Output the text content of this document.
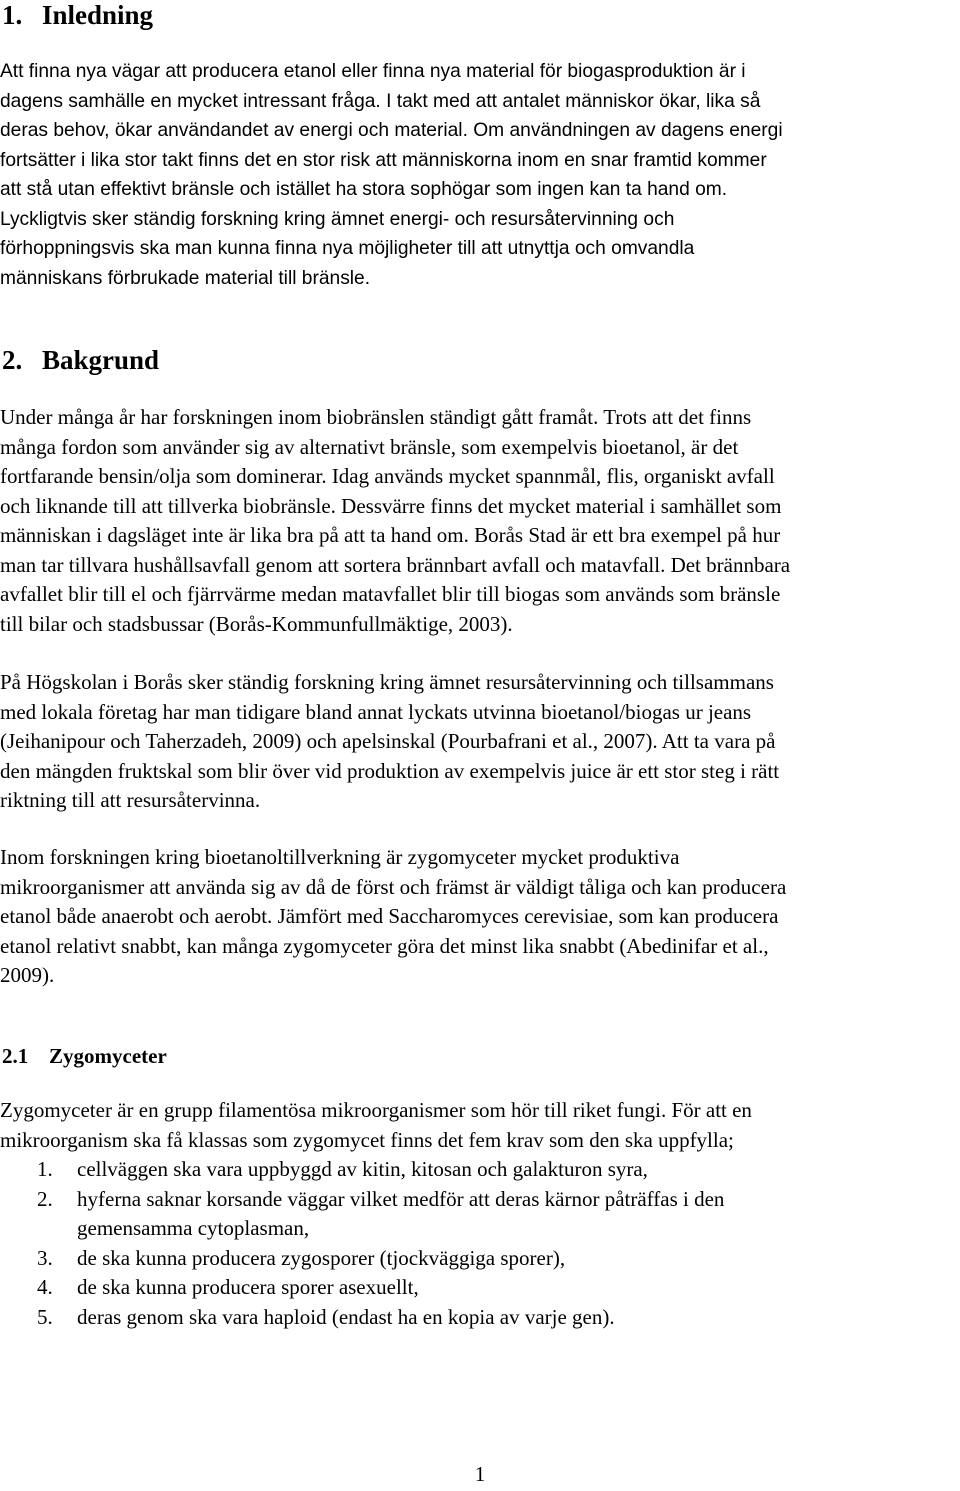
1. Inledning
Att finna nya vägar att producera etanol eller finna nya material för biogasproduktion är i
dagens samhälle en mycket intressant fråga. I takt med att antalet människor ökar, lika så
deras behov, ökar användandet av energi och material. Om användningen av dagens energi
fortsätter i lika stor takt finns det en stor risk att människorna inom en snar framtid kommer
att stå utan effektivt bränsle och istället ha stora sophögar som ingen kan ta hand om.
Lyckligtvis sker ständig forskning kring ämnet energi- och resursåtervinning och
förhoppningsvis ska man kunna finna nya möjligheter till att utnyttja och omvandla
människans förbrukade material till bränsle.
2. Bakgrund
Under många år har forskningen inom biobränslen ständigt gått framåt. Trots att det finns
många fordon som använder sig av alternativt bränsle, som exempelvis bioetanol, är det
fortfarande bensin/olja som dominerar. Idag används mycket spannmål, flis, organiskt avfall
och liknande till att tillverka biobränsle. Dessvärre finns det mycket material i samhället som
människan i dagsläget inte är lika bra på att ta hand om. Borås Stad är ett bra exempel på hur
man tar tillvara hushållsavfall genom att sortera brännbart avfall och matavfall. Det brännbara
avfallet blir till el och fjärrvärme medan matavfallet blir till biogas som används som bränsle
till bilar och stadsbussar (Borås-Kommunfullmäktige, 2003).
På Högskolan i Borås sker ständig forskning kring ämnet resursåtervinning och tillsammans
med lokala företag har man tidigare bland annat lyckats utvinna bioetanol/biogas ur jeans
(Jeihanipour och Taherzadeh, 2009) och apelsinskal (Pourbafrani et al., 2007). Att ta vara på
den mängden fruktskal som blir över vid produktion av exempelvis juice är ett stor steg i rätt
riktning till att resursåtervinna.
Inom forskningen kring bioetanoltillverkning är zygomyceter mycket produktiva
mikroorganismer att använda sig av då de först och främst är väldigt tåliga och kan producera
etanol både anaerobt och aerobt. Jämfört med Saccharomyces cerevisiae, som kan producera
etanol relativt snabbt, kan många zygomyceter göra det minst lika snabbt (Abedinifar et al.,
2009).
2.1 Zygomyceter
Zygomyceter är en grupp filamentösa mikroorganismer som hör till riket fungi. För att en
mikroorganism ska få klassas som zygomycet finns det fem krav som den ska uppfylla;
1. cellväggen ska vara uppbyggd av kitin, kitosan och galakturon syra,
2. hyferna saknar korsande väggar vilket medför att deras kärnor påträffas i den
gemensamma cytoplasman,
3. de ska kunna producera zygosporer (tjockväggiga sporer),
4. de ska kunna producera sporer asexuellt,
5. deras genom ska vara haploid (endast ha en kopia av varje gen).
1
